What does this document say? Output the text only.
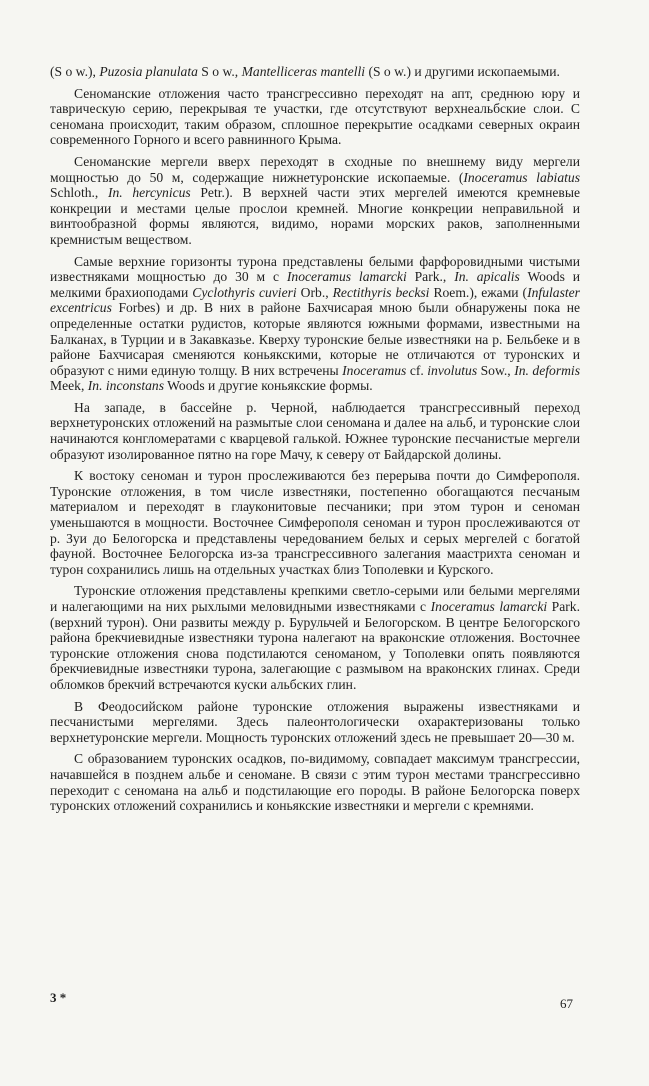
(S o w.), Puzosia planulata S o w., Mantelliceras mantelli (S o w.) и другими ископаемыми.

Сеноманские отложения часто трансгрессивно переходят на апт, среднюю юру и таврическую серию, перекрывая те участки, где отсутствуют верхнеальбские слои. С сеномана происходит, таким образом, сплошное перекрытие осадками северных окраин современного Горного и всего равнинного Крыма.

Сеноманские мергели вверх переходят в сходные по внешнему виду мергели мощностью до 50 м, содержащие нижнетуронские ископаемые. (Inoceramus labiatus Schloth., In. hercynicus Petr.). В верхней части этих мергелей имеются кремневые конкреции и местами целые прослои кремней. Многие конкреции неправильной и винтообразной формы являются, видимо, норами морских раков, заполненными кремнистым веществом.

Самые верхние горизонты турона представлены белыми фарфоровидными чистыми известняками мощностью до 30 м с Inoceramus lamarcki Park., In. apicalis Woods и мелкими брахиоподами Cyclothyris cuvieri Orb., Rectithyris becksi Roem.), ежами (Infulaster excentricus Forbes) и др. В них в районе Бахчисарая мною были обнаружены пока не определенные остатки рудистов, которые являются южными формами, известными на Балканах, в Турции и в Закавказье. Кверху туронские белые известняки на р. Бельбеке и в районе Бахчисарая сменяются коньякскими, которые не отличаются от туронских и образуют с ними единую толщу. В них встречены Inoceramus cf. involutus Sow., In. deformis Meek, In. inconstans Woods и другие коньякские формы.

На западе, в бассейне р. Черной, наблюдается трансгрессивный переход верхнетуронских отложений на размытые слои сеномана и далее на альб, и туронские слои начинаются конгломератами с кварцевой галькой. Южнее туронские песчанистые мергели образуют изолированное пятно на горе Мачу, к северу от Байдарской долины.

К востоку сеноман и турон прослеживаются без перерыва почти до Симферополя. Туронские отложения, в том числе известняки, постепенно обогащаются песчаным материалом и переходят в глауконитовые песчаники; при этом турон и сеноман уменьшаются в мощности. Восточнее Симферополя сеноман и турон прослеживаются от р. Зуи до Белогорска и представлены чередованием белых и серых мергелей с богатой фауной. Восточнее Белогорска из-за трансгрессивного залегания маастрихта сеноман и турон сохранились лишь на отдельных участках близ Тополевки и Курского.

Туронские отложения представлены крепкими светло-серыми или белыми мергелями и налегающими на них рыхлыми меловидными известняками с Inoceramus lamarcki Park. (верхний турон). Они развиты между р. Бурульчей и Белогорском. В центре Белогорского района брекчиевидные известняки турона налегают на враконские отложения. Восточнее туронские отложения снова подстилаются сеноманом, у Тополевки опять появляются брекчиевидные известняки турона, залегающие с размывом на враконских глинах. Среди обломков брекчий встречаются куски альбских глин.

В Феодосийском районе туронские отложения выражены известняками и песчанистыми мергелями. Здесь палеонтологически охарактеризованы только верхнетуронские мергели. Мощность туронских отложений здесь не превышает 20—30 м.

С образованием туронских осадков, по-видимому, совпадает максимум трансгрессии, начавшейся в позднем альбе и сеномане. В связи с этим турон местами трансгрессивно переходит с сеномана на альб и подстилающие его породы. В районе Белогорска поверх туронских отложений сохранились и коньякские известняки и мергели с кремнями.

3 *	67
